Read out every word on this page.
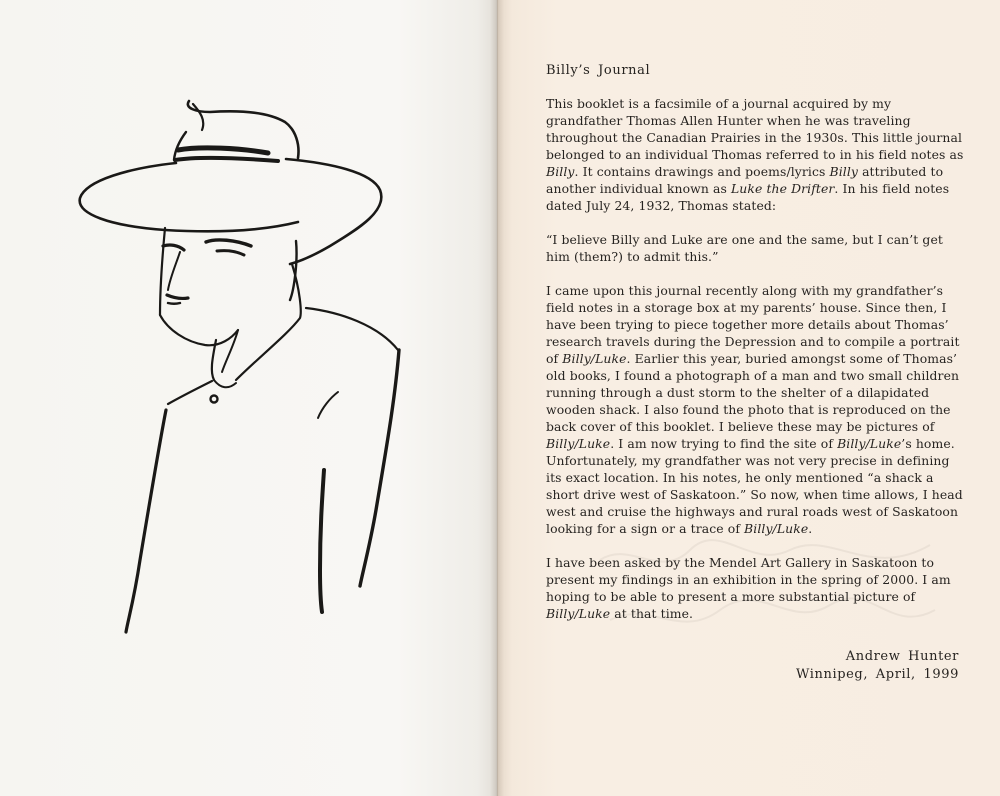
Billy’s Journal

This booklet is a facsimile of a journal acquired by my grandfather Thomas Allen Hunter when he was traveling throughout the Canadian Prairies in the 1930s. This little journal belonged to an individual Thomas referred to in his field notes as Billy. It contains drawings and poems/lyrics Billy attributed to another individual known as Luke the Drifter. In his field notes dated July 24, 1932, Thomas stated:

“I believe Billy and Luke are one and the same, but I can’t get him (them?) to admit this.”

I came upon this journal recently along with my grandfather’s field notes in a storage box at my parents’ house. Since then, I have been trying to piece together more details about Thomas’ research travels during the Depression and to compile a portrait of Billy/Luke. Earlier this year, buried amongst some of Thomas’ old books, I found a photograph of a man and two small children running through a dust storm to the shelter of a dilapidated wooden shack. I also found the photo that is reproduced on the back cover of this booklet. I believe these may be pictures of Billy/Luke. I am now trying to find the site of Billy/Luke’s home. Unfortunately, my grandfather was not very precise in defining its exact location. In his notes, he only mentioned “a shack a short drive west of Saskatoon.” So now, when time allows, I head west and cruise the highways and rural roads west of Saskatoon looking for a sign or a trace of Billy/Luke.

I have been asked by the Mendel Art Gallery in Saskatoon to present my findings in an exhibition in the spring of 2000. I am hoping to be able to present a more substantial picture of Billy/Luke at that time.

Andrew Hunter
Winnipeg, April, 1999
